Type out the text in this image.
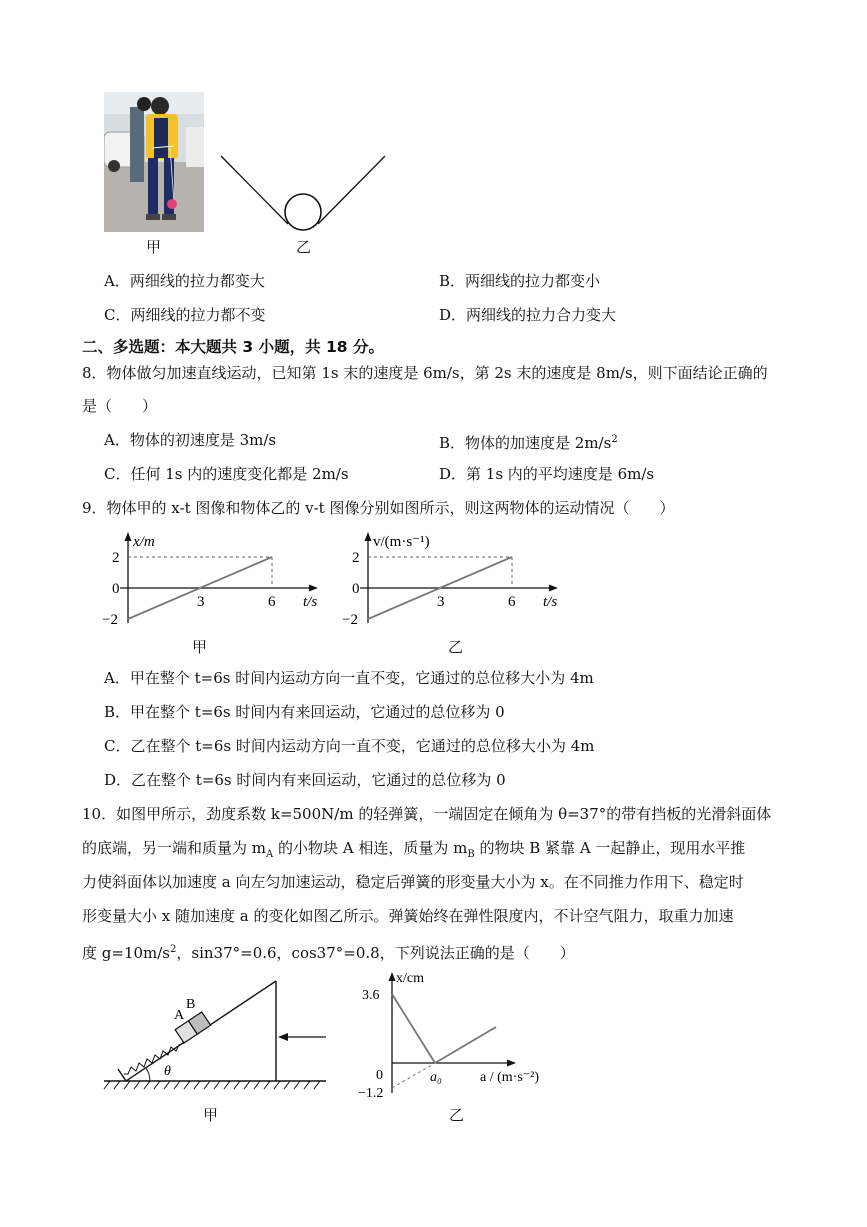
甲	乙
A．两细线的拉力都变大	B．两细线的拉力都变小
C．两细线的拉力都不变	D．两细线的拉力合力变大
二、多选题：本大题共 3 小题，共 18 分。
8．物体做匀加速直线运动，已知第 1s 末的速度是 6m/s，第 2s 末的速度是 8m/s，则下面结论正确的
是（　　）
A．物体的初速度是 3m/s	B．物体的加速度是 $2m/s^2$
C．任何 1s 内的速度变化都是 2m/s	D．第 1s 内的平均速度是 6m/s
9．物体甲的 x-t 图像和物体乙的 v-t 图像分别如图所示，则这两物体的运动情况（　　）
x/m
2
0
−2
3	6 t/s
甲
v/(m·s⁻¹)
2
0
−2
3	6 t/s
乙
A．甲在整个 t=6s 时间内运动方向一直不变，它通过的总位移大小为 4m
B．甲在整个 t=6s 时间内有来回运动，它通过的总位移为 0
C．乙在整个 t=6s 时间内运动方向一直不变，它通过的总位移大小为 4m
D．乙在整个 t=6s 时间内有来回运动，它通过的总位移为 0
10．如图甲所示，劲度系数 k=500N/m 的轻弹簧，一端固定在倾角为 θ=37°的带有挡板的光滑斜面体
的底端，另一端和质量为 $m_A$ 的小物块 A 相连，质量为 $m_B$ 的物块 B 紧靠 A 一起静止，现用水平推
力使斜面体以加速度 a 向左匀加速运动，稳定后弹簧的形变量大小为 x。在不同推力作用下、稳定时
形变量大小 x 随加速度 a 的变化如图乙所示。弹簧始终在弹性限度内，不计空气阻力，取重力加速
度 $g=10m/s^2$，sin37°=0.6，cos37°=0.8，下列说法正确的是（　　）
A
B
θ
甲
x/cm
3.6
0
−1.2
a₀	a / (m·s⁻²)
乙
